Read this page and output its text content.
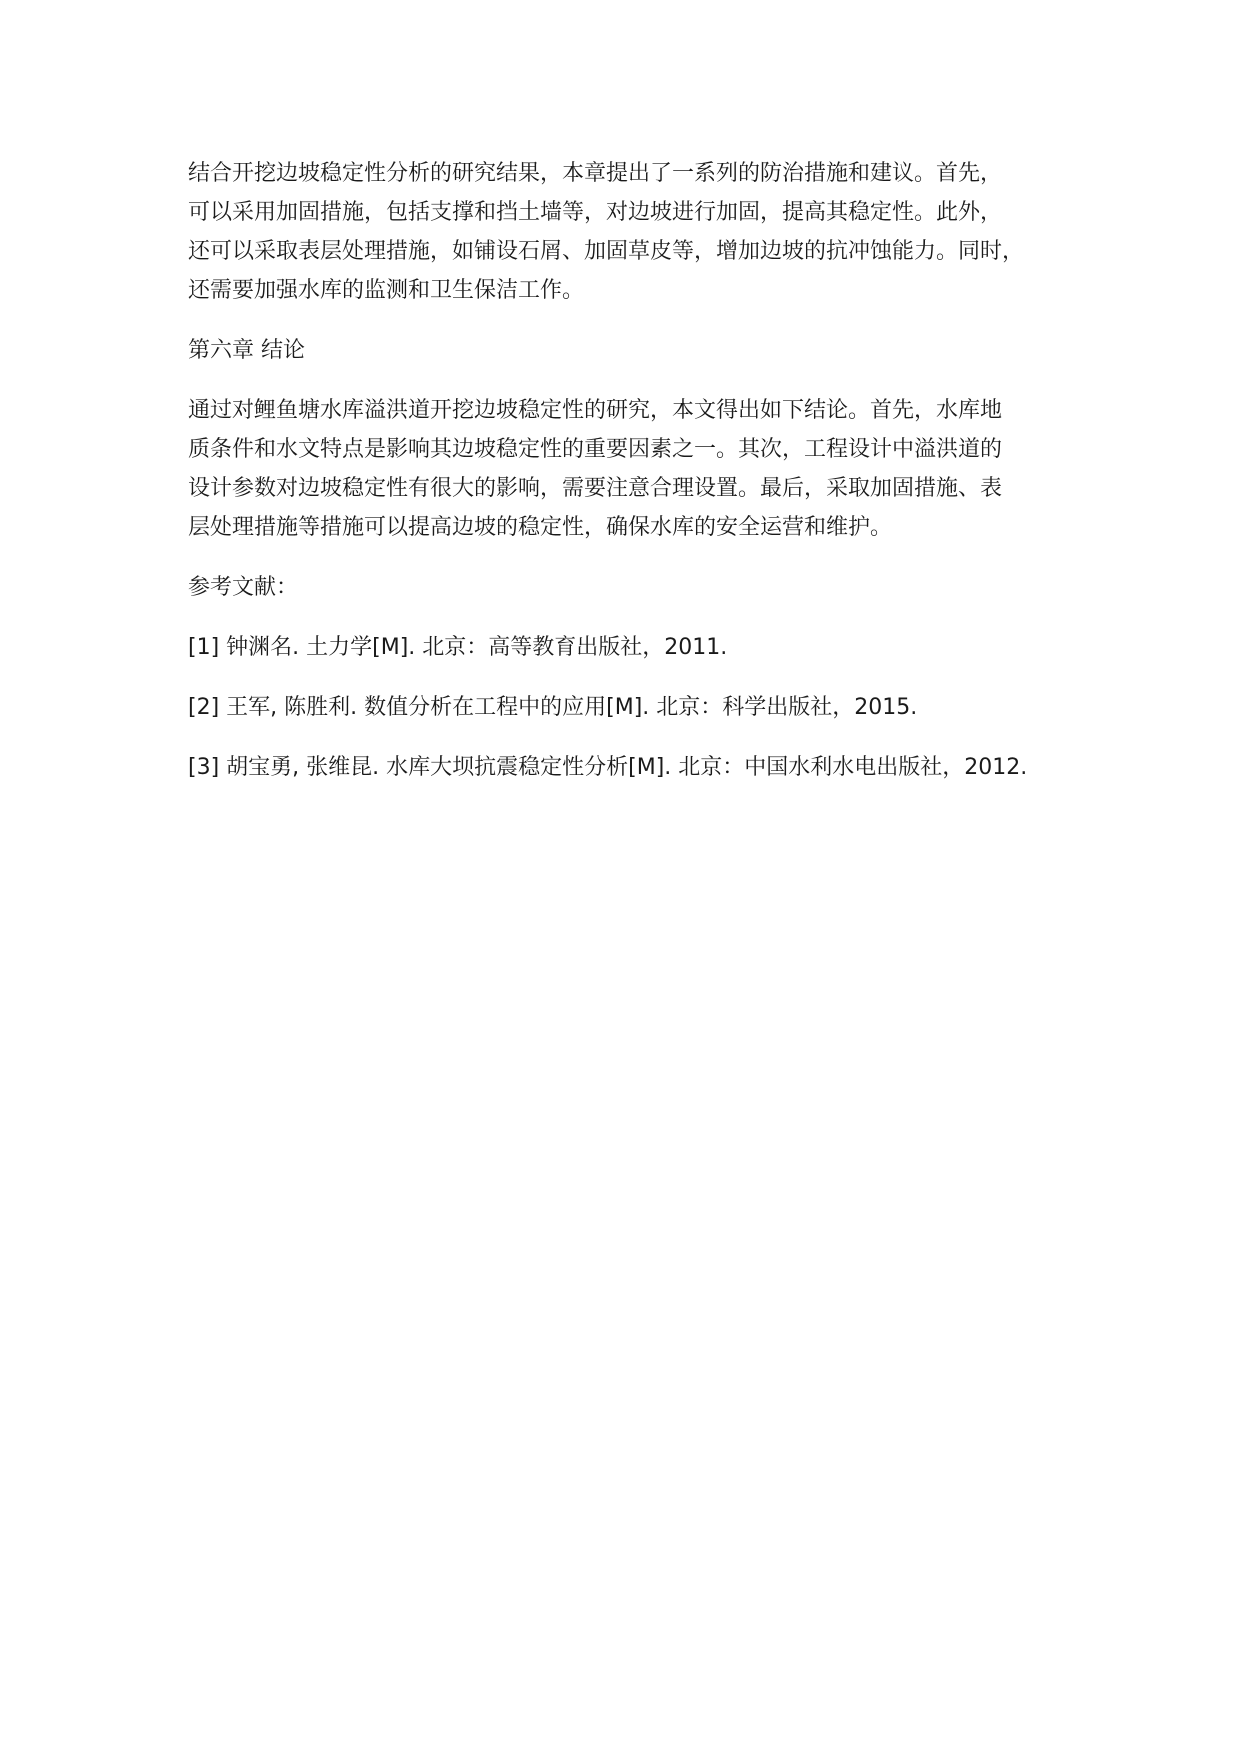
结合开挖边坡稳定性分析的研究结果，本章提出了一系列的防治措施和建议。首先，
可以采用加固措施，包括支撑和挡土墙等，对边坡进行加固，提高其稳定性。此外，
还可以采取表层处理措施，如铺设石屑、加固草皮等，增加边坡的抗冲蚀能力。同时，
还需要加强水库的监测和卫生保洁工作。

第六章 结论

通过对鲤鱼塘水库溢洪道开挖边坡稳定性的研究，本文得出如下结论。首先，水库地
质条件和水文特点是影响其边坡稳定性的重要因素之一。其次，工程设计中溢洪道的
设计参数对边坡稳定性有很大的影响，需要注意合理设置。最后，采取加固措施、表
层处理措施等措施可以提高边坡的稳定性，确保水库的安全运营和维护。

参考文献：

[1] 钟渊名. 土力学[M]. 北京：高等教育出版社，2011.

[2] 王军, 陈胜利. 数值分析在工程中的应用[M]. 北京：科学出版社，2015.

[3] 胡宝勇, 张维昆. 水库大坝抗震稳定性分析[M]. 北京：中国水利水电出版社，2012.
